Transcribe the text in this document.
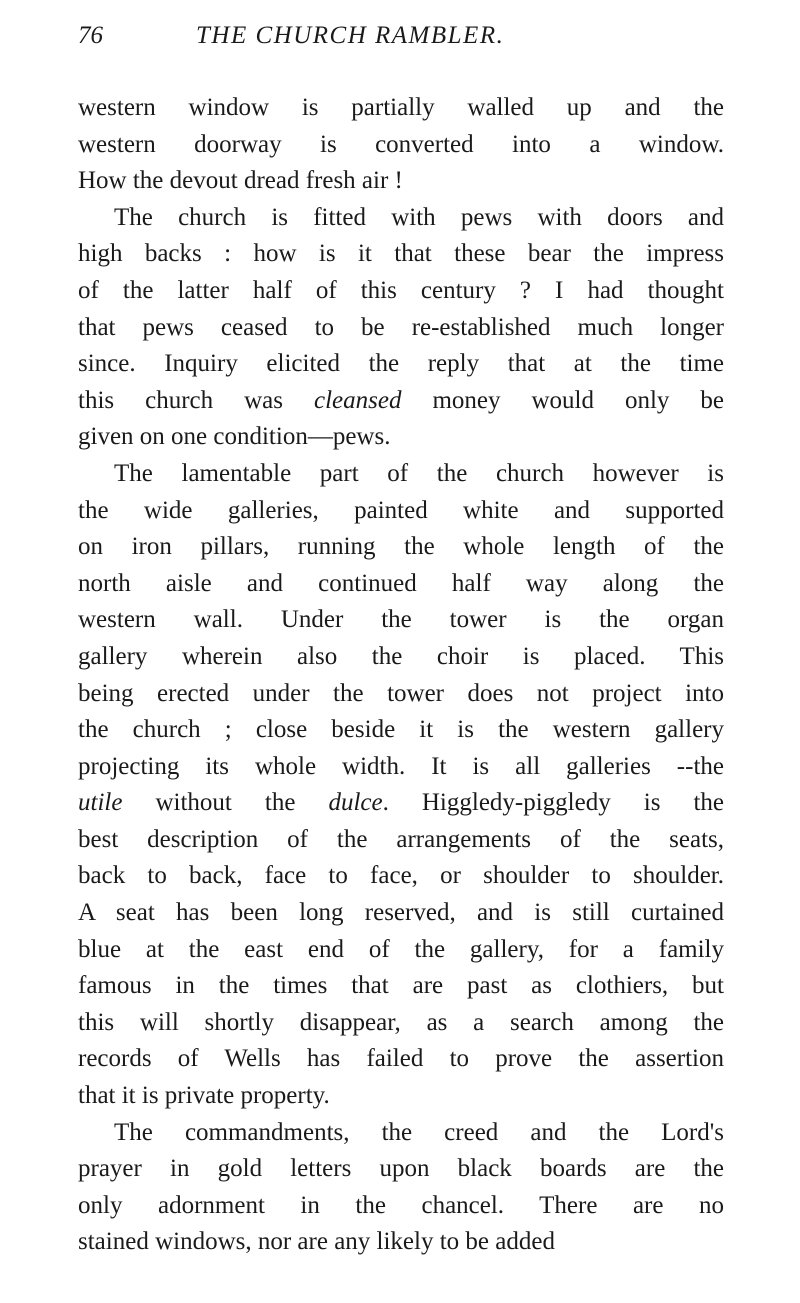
76	THE CHURCH RAMBLER.
western window is partially walled up and the
western doorway is converted into a window.
How the devout dread fresh air !
The church is fitted with pews with doors and
high backs : how is it that these bear the impress
of the latter half of this century ? I had thought
that pews ceased to be re-established much longer
since. Inquiry elicited the reply that at the time
this church was cleansed money would only be
given on one condition—pews.
The lamentable part of the church however is
the wide galleries, painted white and supported
on iron pillars, running the whole length of the
north aisle and continued half way along the
western wall. Under the tower is the organ
gallery wherein also the choir is placed. This
being erected under the tower does not project into
the church ; close beside it is the western gallery
projecting its whole width. It is all galleries --the
utile without the dulce. Higgledy-piggledy is the
best description of the arrangements of the seats,
back to back, face to face, or shoulder to shoulder.
A seat has been long reserved, and is still curtained
blue at the east end of the gallery, for a family
famous in the times that are past as clothiers, but
this will shortly disappear, as a search among the
records of Wells has failed to prove the assertion
that it is private property.
The commandments, the creed and the Lord's
prayer in gold letters upon black boards are the
only adornment in the chancel. There are no
stained windows, nor are any likely to be added
